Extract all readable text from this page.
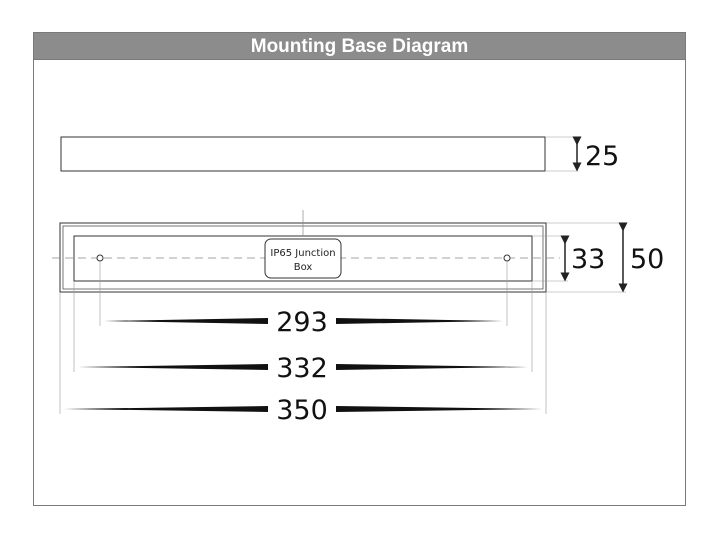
Mounting Base Diagram
25
IP65 Junction
Box	33 50
293
332
350
